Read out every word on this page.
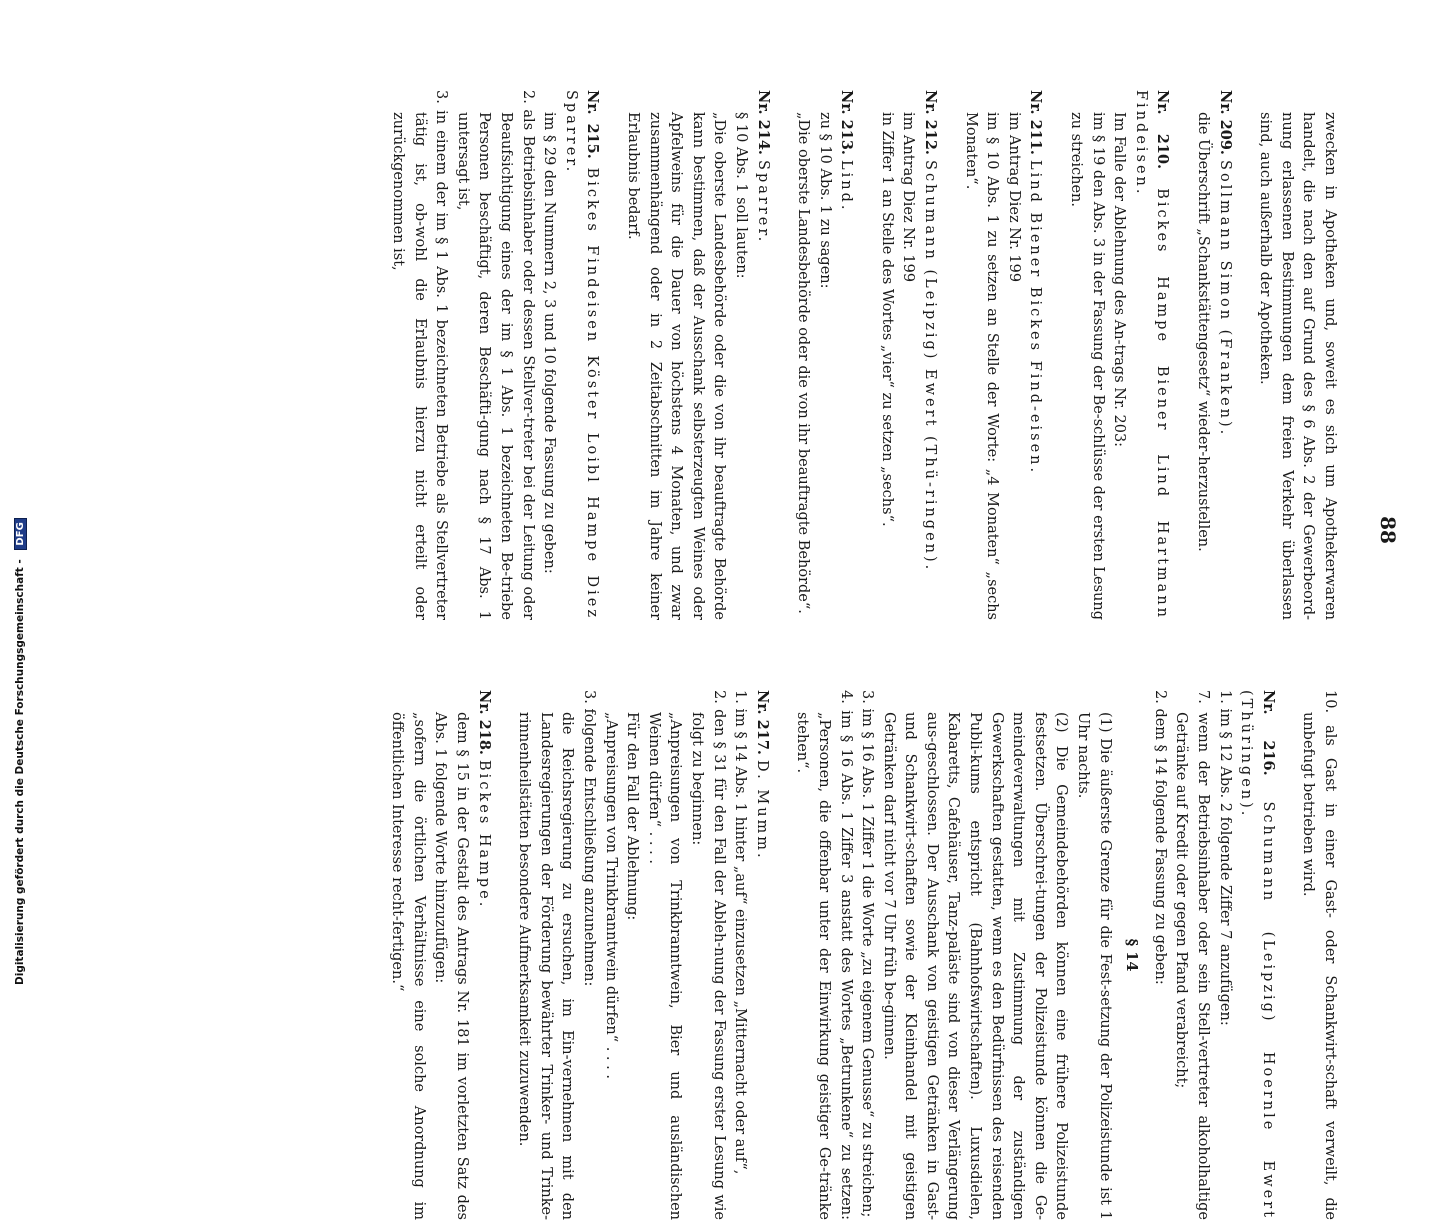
88

zwecken in Apotheken und, soweit es sich um Apothekerwaren handelt, die nach den auf Grund des § 6 Abs. 2 der Gewerbeord-nung erlassenen Bestimmungen dem freien Verkehr überlassen sind, auch außerhalb der Apotheken.

Nr. 209. Sollmann Simon (Franken).

die Überschrift „Schankstättengesetz“ wieder-herzustellen.

Nr. 210. Bickes Hampe Biener Lind Hartmann Findeisen.

Im Falle der Ablehnung des An-trags Nr. 203:

im § 19 den Abs. 3 in der Fassung der Be-schlüsse der ersten Lesung zu streichen.

Nr. 211. Lind Biener Bickes Find-eisen.

im Antrag Diez Nr. 199

im § 10 Abs. 1 zu setzen an Stelle der Worte: „4 Monaten“ „sechs Monaten“.

Nr. 212. Schumann (Leipzig) Ewert (Thü-ringen).

im Antrag Diez Nr. 199

in Ziffer 1 an Stelle des Wortes „vier“ zu setzen „sechs“.

Nr. 213. Lind.

zu § 10 Abs. 1 zu sagen:

„Die oberste Landesbehörde oder die von ihr beauftragte Behörde“.

Nr. 214. Sparrer.

§ 10 Abs. 1 soll lauten:

„Die oberste Landesbehörde oder die von ihr beauftragte Behörde kann bestimmen, daß der Ausschank selbsterzeugten Weines oder Apfelweins für die Dauer von höchstens 4 Monaten, und zwar zusammenhängend oder in 2 Zeitabschnitten im Jahre keiner Erlaubnis bedarf.

Nr. 215. Bickes Findeisen Köster Loibl Hampe Diez Sparrer.

im § 29 den Nummern 2, 3 und 10 folgende Fassung zu geben:

2. als Betriebsinhaber oder dessen Stellver-treter bei der Leitung oder Beaufsichtigung eines der im § 1 Abs. 1 bezeichneten Be-triebe Personen beschäftigt, deren Beschäfti-gung nach § 17 Abs. 1 untersagt ist,

3. in einem der im § 1 Abs. 1 bezeichneten Betriebe als Stellvertreter tätig ist, ob-wohl die Erlaubnis hierzu nicht erteilt oder zurückgenommen ist,

10. als Gast in einer Gast- oder Schankwirt-schaft verweilt, die unbefugt betrieben wird.

Nr. 216. Schumann (Leipzig) Hoernle Ewert (Thüringen).

1. im § 12 Abs. 2 folgende Ziffer 7 anzufügen:

7. wenn der Betriebsinhaber oder sein Stell-vertreter alkoholhaltige Getränke auf Kredit oder gegen Pfand verabreicht;

2. dem § 14 folgende Fassung zu geben:

§ 14

(1) Die äußerste Grenze für die Fest-setzung der Polizeistunde ist 1 Uhr nachts.

(2) Die Gemeindebehörden können eine frühere Polizeistunde festsetzen. Überschrei-tungen der Polizeistunde können die Ge-meindeverwaltungen mit Zustimmung der zuständigen Gewerkschaften gestatten, wenn es den Bedürfnissen des reisenden Publi-kums entspricht (Bahnhofswirtschaften). Luxusdielen, Kabaretts, Cafehäuser, Tanz-paläste sind von dieser Verlängerung aus-geschlossen. Der Ausschank von geistigen Getränken in Gast- und Schankwirt-schaften sowie der Kleinhandel mit geistigen Getränken darf nicht vor 7 Uhr früh be-ginnen.

3. im § 16 Abs. 1 Ziffer 1 die Worte „zu eigenem Genusse“ zu streichen;

4. im § 16 Abs. 1 Ziffer 3 anstatt des Wortes „Betrunkene“ zu setzen: „Personen, die offenbar unter der Einwirkung geistiger Ge-tränke stehen“.

Nr. 217. D. Mumm.

1. im § 14 Abs. 1 hinter „auf“ einzusetzen „Mitternacht oder auf“,

2. den § 31 für den Fall der Ableh-nung der Fassung erster Lesung wie folgt zu beginnen:

„Anpreisungen von Trinkbranntwein, Bier und ausländischen Weinen dürfen“ . . . .

Für den Fall der Ablehnung:

„Anpreisungen von Trinkbranntwein dürfen“ . . . .

3. folgende Entschließung anzunehmen:

die Reichsregierung zu ersuchen, im Ein-vernehmen mit den Landesregierungen der Förderung bewährter Trinker- und Trinke-rinnenheilstätten besondere Aufmerksamkeit zuzuwenden.

Nr. 218. Bickes Hampe.

dem § 15 in der Gestalt des Antrags Nr. 181 im vorletzten Satz des Abs. 1 folgende Worte hinzuzufügen:

„sofern die örtlichen Verhältnisse eine solche Anordnung im öffentlichen Interesse recht-fertigen.“

Digitalisierung gefördert durch die Deutsche Forschungsgemeinschaft - DFG
